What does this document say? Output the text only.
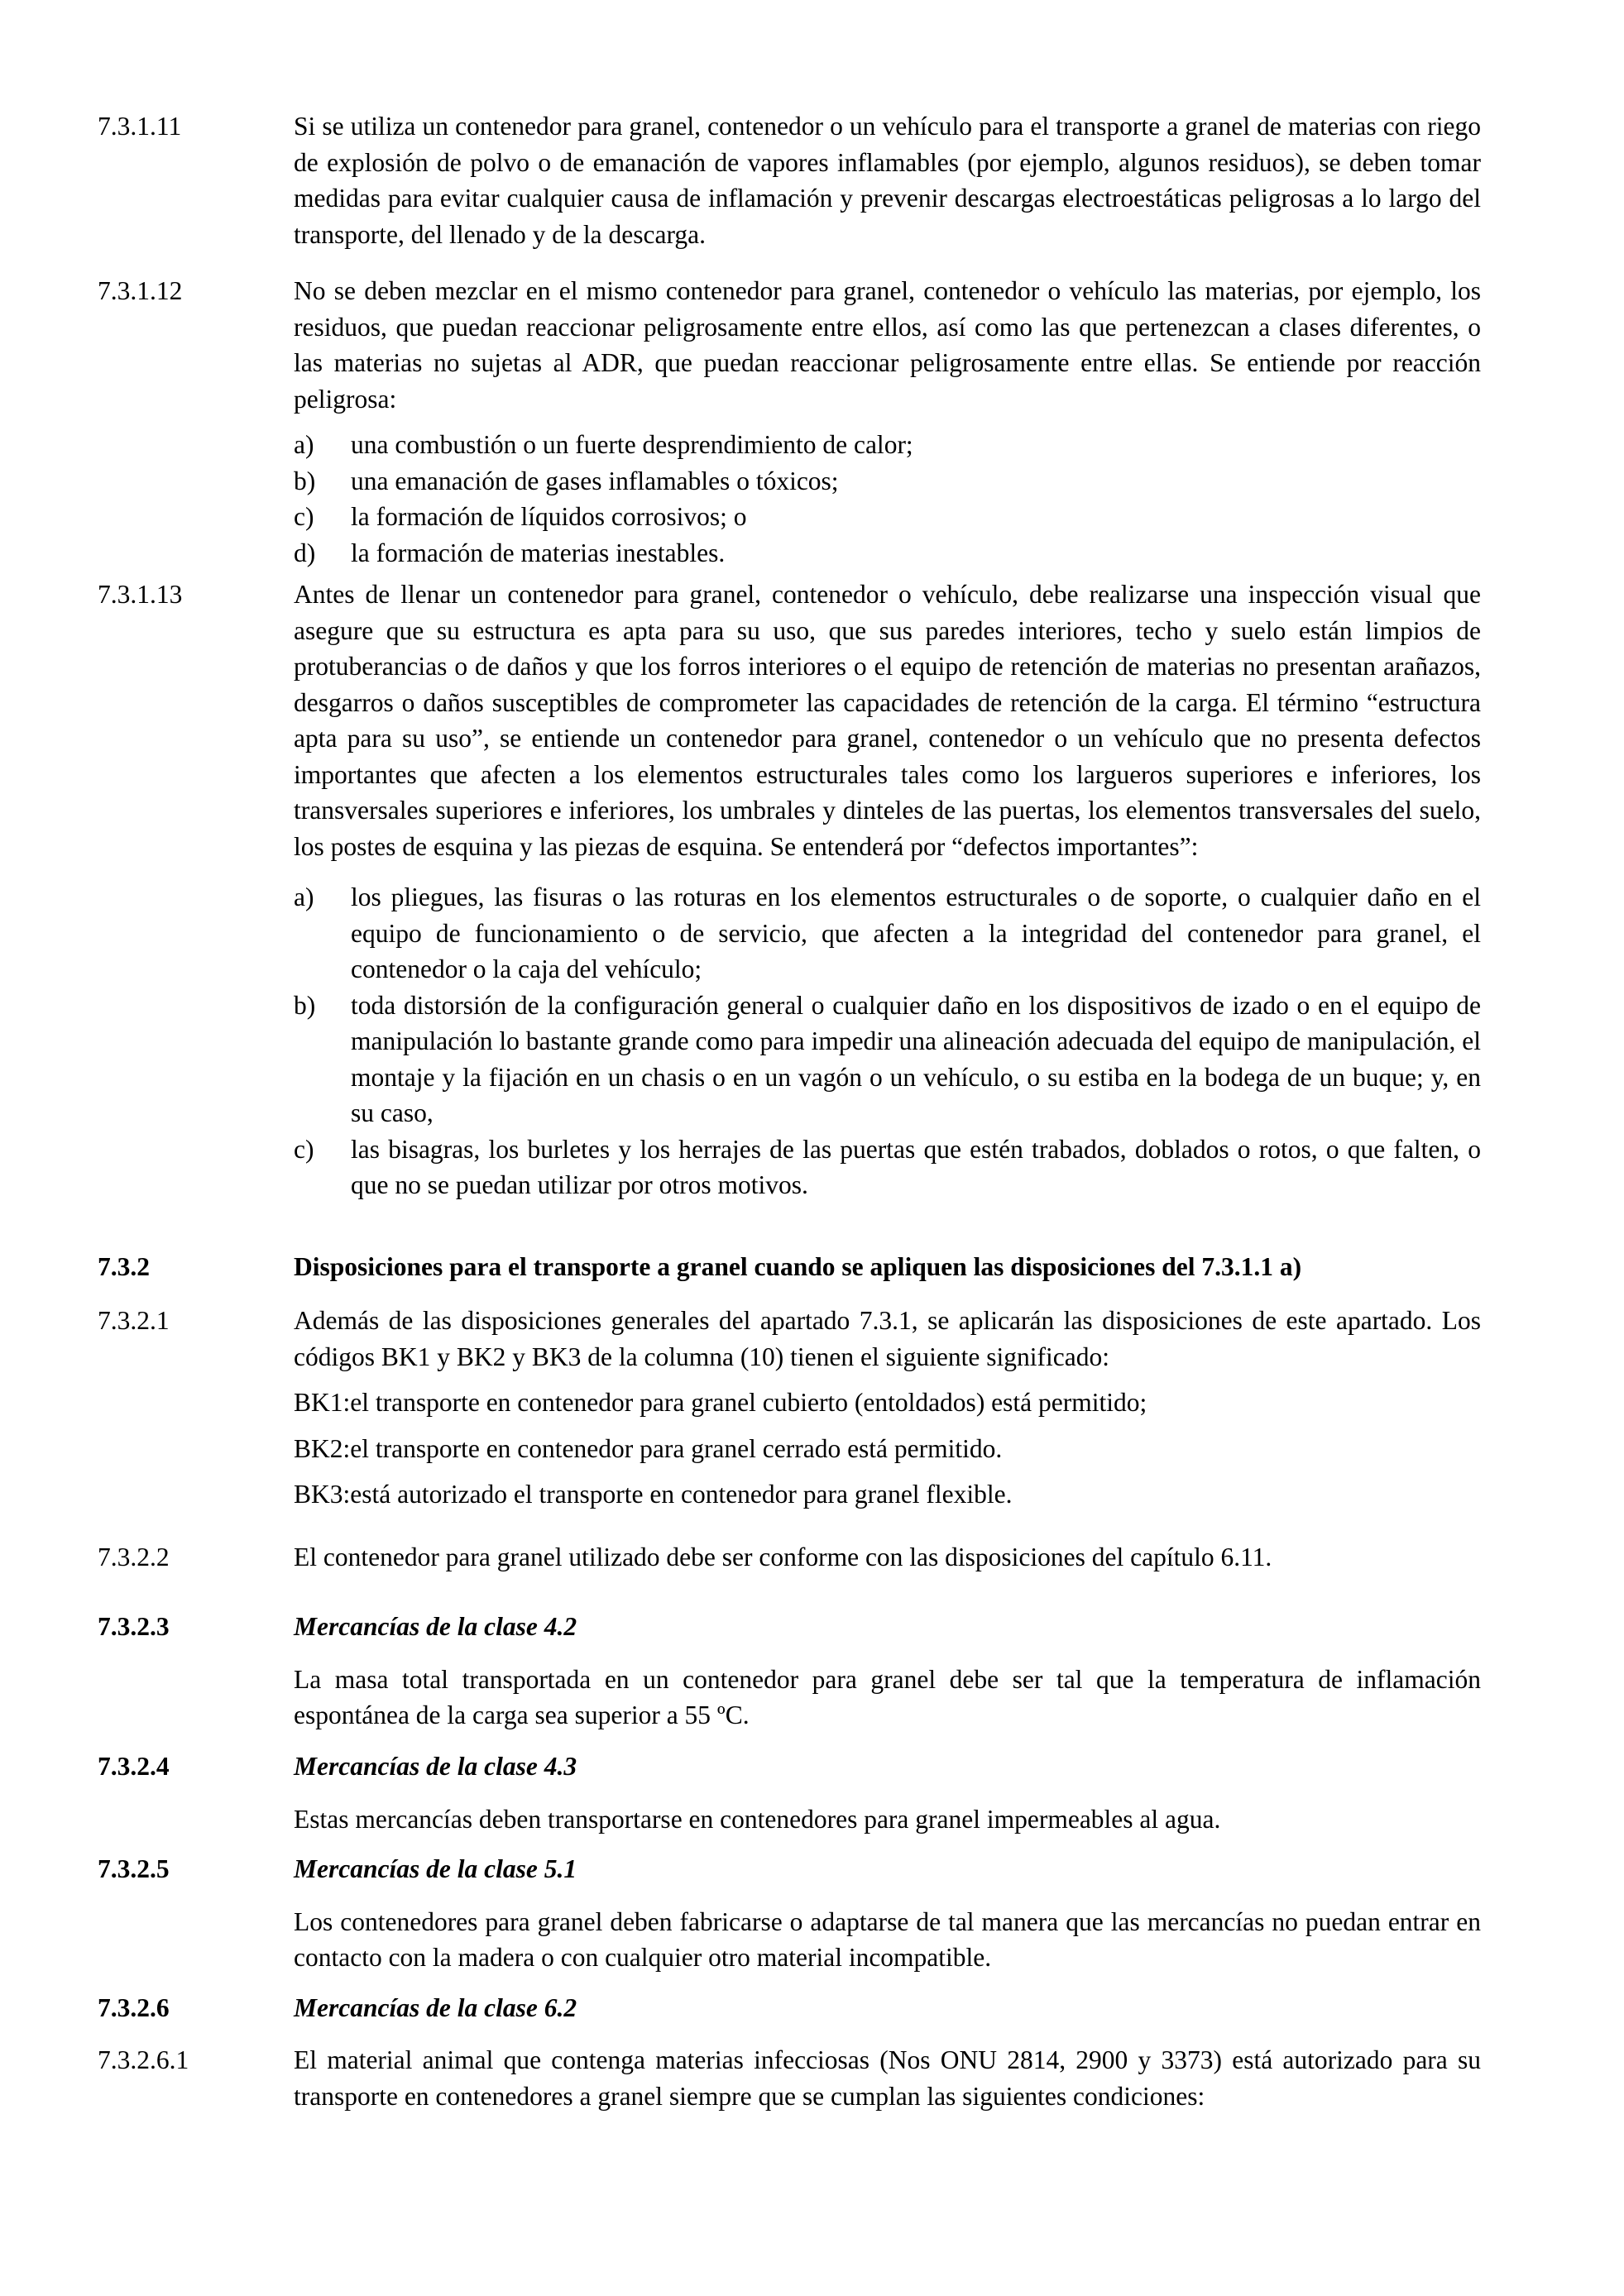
7.3.1.11	Si se utiliza un contenedor para granel, contenedor o un vehículo para el transporte a granel de materias con riego de explosión de polvo o de emanación de vapores inflamables (por ejemplo, algunos residuos), se deben tomar medidas para evitar cualquier causa de inflamación y prevenir descargas electroestáticas peligrosas a lo largo del transporte, del llenado y de la descarga.

7.3.1.12	No se deben mezclar en el mismo contenedor para granel, contenedor o vehículo las materias, por ejemplo, los residuos, que puedan reaccionar peligrosamente entre ellos, así como las que pertenezcan a clases diferentes, o las materias no sujetas al ADR, que puedan reaccionar peligrosamente entre ellas. Se entiende por reacción peligrosa:

a) una combustión o un fuerte desprendimiento de calor;
b) una emanación de gases inflamables o tóxicos;
c) la formación de líquidos corrosivos; o
d) la formación de materias inestables.
7.3.1.13	Antes de llenar un contenedor para granel, contenedor o vehículo, debe realizarse una inspección visual que asegure que su estructura es apta para su uso, que sus paredes interiores, techo y suelo están limpios de protuberancias o de daños y que los forros interiores o el equipo de retención de materias no presentan arañazos, desgarros o daños susceptibles de comprometer las capacidades de retención de la carga. El término “estructura apta para su uso”, se entiende un contenedor para granel, contenedor o un vehículo que no presenta defectos importantes que afecten a los elementos estructurales tales como los largueros superiores e inferiores, los transversales superiores e inferiores, los umbrales y dinteles de las puertas, los elementos transversales del suelo, los postes de esquina y las piezas de esquina. Se entenderá por “defectos importantes”:

a) los pliegues, las fisuras o las roturas en los elementos estructurales o de soporte, o cualquier daño en el equipo de funcionamiento o de servicio, que afecten a la integridad del contenedor para granel, el contenedor o la caja del vehículo;
b) toda distorsión de la configuración general o cualquier daño en los dispositivos de izado o en el equipo de manipulación lo bastante grande como para impedir una alineación adecuada del equipo de manipulación, el montaje y la fijación en un chasis o en un vagón o un vehículo, o su estiba en la bodega de un buque; y, en su caso,
c) las bisagras, los burletes y los herrajes de las puertas que estén trabados, doblados o rotos, o que falten, o que no se puedan utilizar por otros motivos.
7.3.2	Disposiciones para el transporte a granel cuando se apliquen las disposiciones del 7.3.1.1 a)

7.3.2.1	Además de las disposiciones generales del apartado 7.3.1, se aplicarán las disposiciones de este apartado. Los códigos BK1 y BK2 y BK3 de la columna (10) tienen el siguiente significado:

BK1:el transporte en contenedor para granel cubierto (entoldados) está permitido;

BK2:el transporte en contenedor para granel cerrado está permitido.

BK3:está autorizado el transporte en contenedor para granel flexible.

7.3.2.2	El contenedor para granel utilizado debe ser conforme con las disposiciones del capítulo 6.11.

7.3.2.3	Mercancías de la clase 4.2

La masa total transportada en un contenedor para granel debe ser tal que la temperatura de inflamación espontánea de la carga sea superior a 55 ºC.

7.3.2.4	Mercancías de la clase 4.3

Estas mercancías deben transportarse en contenedores para granel impermeables al agua.

7.3.2.5	Mercancías de la clase 5.1

Los contenedores para granel deben fabricarse o adaptarse de tal manera que las mercancías no puedan entrar en contacto con la madera o con cualquier otro material incompatible.

7.3.2.6	Mercancías de la clase 6.2

7.3.2.6.1	El material animal que contenga materias infecciosas (Nos ONU 2814, 2900 y 3373) está autorizado para su transporte en contenedores a granel siempre que se cumplan las siguientes condiciones:
